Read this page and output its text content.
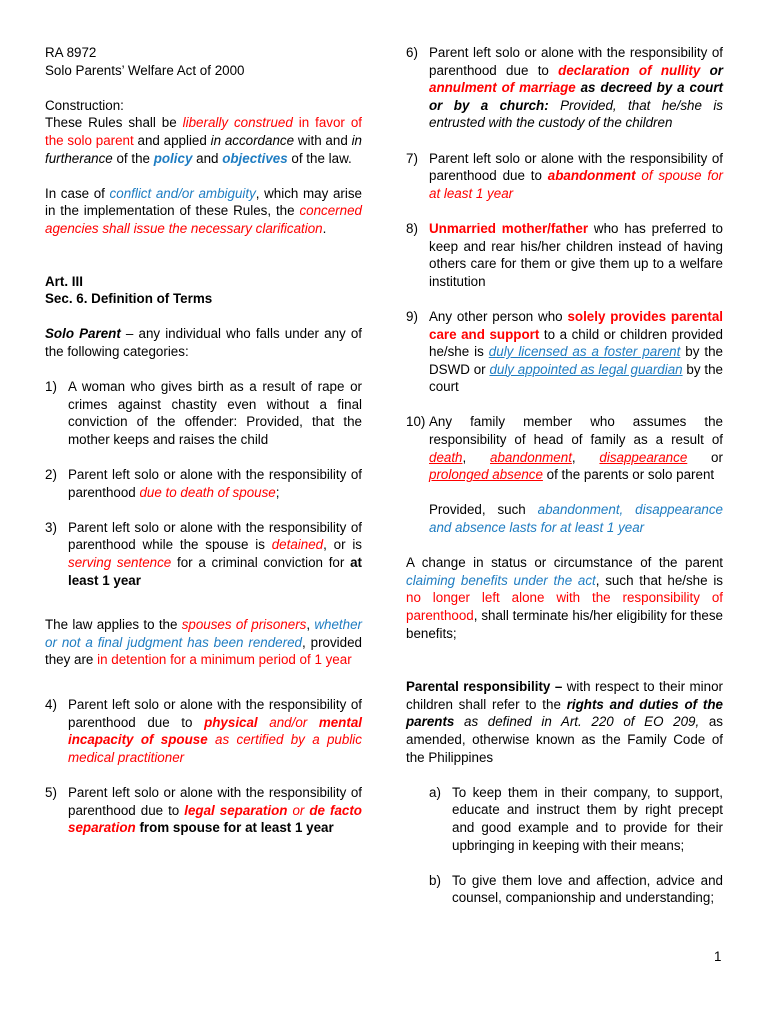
RA 8972

Solo Parents’ Welfare Act of 2000

Construction:

These Rules shall be liberally construed in favor of the solo parent and applied in accordance with and in furtherance of the policy and objectives of the law.

In case of conflict and/or ambiguity, which may arise in the implementation of these Rules, the concerned agencies shall issue the necessary clarification.

Art. III

Sec. 6. Definition of Terms

Solo Parent – any individual who falls under any of the following categories:

1) A woman who gives birth as a result of rape or crimes against chastity even without a final conviction of the offender: Provided, that the mother keeps and raises the child

2) Parent left solo or alone with the responsibility of parenthood due to death of spouse;

3) Parent left solo or alone with the responsibility of parenthood while the spouse is detained, or is serving sentence for a criminal conviction for at least 1 year

The law applies to the spouses of prisoners, whether or not a final judgment has been rendered, provided they are in detention for a minimum period of 1 year

4) Parent left solo or alone with the responsibility of parenthood due to physical and/or mental incapacity of spouse as certified by a public medical practitioner

5) Parent left solo or alone with the responsibility of parenthood due to legal separation or de facto separation from spouse for at least 1 year
6) Parent left solo or alone with the responsibility of parenthood due to declaration of nullity or annulment of marriage as decreed by a court or by a church: Provided, that he/she is entrusted with the custody of the children

7) Parent left solo or alone with the responsibility of parenthood due to abandonment of spouse for at least 1 year

8) Unmarried mother/father who has preferred to keep and rear his/her children instead of having others care for them or give them up to a welfare institution

9) Any other person who solely provides parental care and support to a child or children provided he/she is duly licensed as a foster parent by the DSWD or duly appointed as legal guardian by the court

10) Any family member who assumes the responsibility of head of family as a result of death, abandonment, disappearance or prolonged absence of the parents or solo parent

Provided, such abandonment, disappearance and absence lasts for at least 1 year

A change in status or circumstance of the parent claiming benefits under the act, such that he/she is no longer left alone with the responsibility of parenthood, shall terminate his/her eligibility for these benefits;

Parental responsibility – with respect to their minor children shall refer to the rights and duties of the parents as defined in Art. 220 of EO 209, as amended, otherwise known as the Family Code of the Philippines

a) To keep them in their company, to support, educate and instruct them by right precept and good example and to provide for their upbringing in keeping with their means;

b) To give them love and affection, advice and counsel, companionship and understanding;
1
